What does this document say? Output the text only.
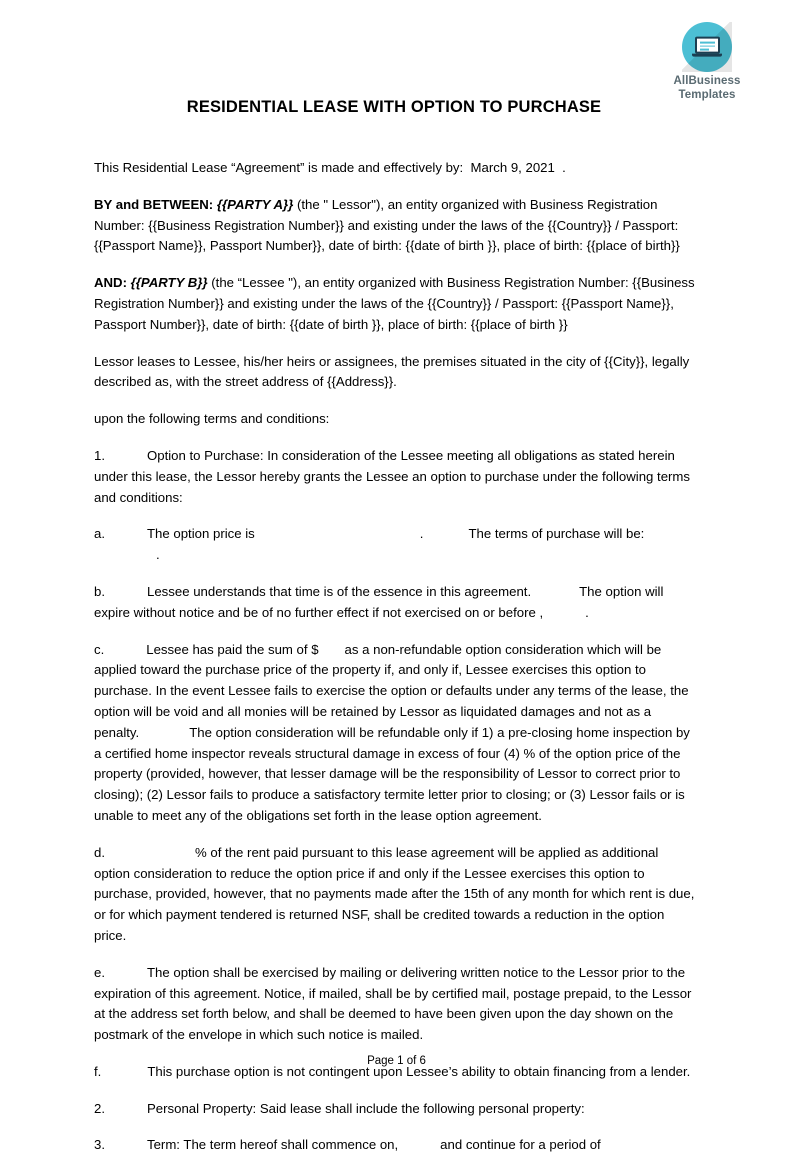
AllBusiness
Templates
RESIDENTIAL LEASE WITH OPTION TO PURCHASE

This Residential Lease “Agreement” is made and effectively by: March 9, 2021 .

BY and BETWEEN: {{PARTY A}} (the " Lessor"), an entity organized with Business Registration Number: {{Business Registration Number}} and existing under the laws of the {{Country}} / Passport: {{Passport Name}}, Passport Number}}, date of birth: {{date of birth }}, place of birth: {{place of birth}}

AND: {{PARTY B}} (the “Lessee "), an entity organized with Business Registration Number: {{Business Registration Number}} and existing under the laws of the {{Country}} / Passport: {{Passport Name}}, Passport Number}}, date of birth: {{date of birth }}, place of birth: {{place of birth }}

Lessor leases to Lessee, his/her heirs or assignees, the premises situated in the city of {{City}}, legally described as, with the street address of {{Address}}.

upon the following terms and conditions:

1.	Option to Purchase: In consideration of the Lessee meeting all obligations as stated herein under this lease, the Lessor hereby grants the Lessee an option to purchase under the following terms and conditions:

a.	The option price is	.	The terms of purchase will be:.

b.	Lessee understands that time is of the essence in this agreement.	The option will expire without notice and be of no further effect if not exercised on or before ,	.

c.	Lessee has paid the sum of $ as a non-refundable option consideration which will be applied toward the purchase price of the property if, and only if, Lessee exercises this option to purchase. In the event Lessee fails to exercise the option or defaults under any terms of the lease, the option will be void and all monies will be retained by Lessor as liquidated damages and not as a penalty.	The option consideration will be refundable only if 1) a pre-closing home inspection by a certified home inspector reveals structural damage in excess of four (4) % of the option price of the property (provided, however, that lesser damage will be the responsibility of Lessor to correct prior to closing); (2) Lessor fails to produce a satisfactory termite letter prior to closing; or (3) Lessor fails or is unable to meet any of the obligations set forth in the lease option agreement.

d.	% of the rent paid pursuant to this lease agreement will be applied as additional option consideration to reduce the option price if and only if the Lessee exercises this option to purchase, provided, however, that no payments made after the 15th of any month for which rent is due, or for which payment tendered is returned NSF, shall be credited towards a reduction in the option price.

e.	The option shall be exercised by mailing or delivering written notice to the Lessor prior to the expiration of this agreement. Notice, if mailed, shall be by certified mail, postage prepaid, to the Lessor at the address set forth below, and shall be deemed to have been given upon the day shown on the postmark of the envelope in which such notice is mailed.

f.	This purchase option is not contingent upon Lessee’s ability to obtain financing from a lender.

2.	Personal Property: Said lease shall include the following personal property:

3.	Term: The term hereof shall commence on,	and continue for a period of

Page 1 of 6
